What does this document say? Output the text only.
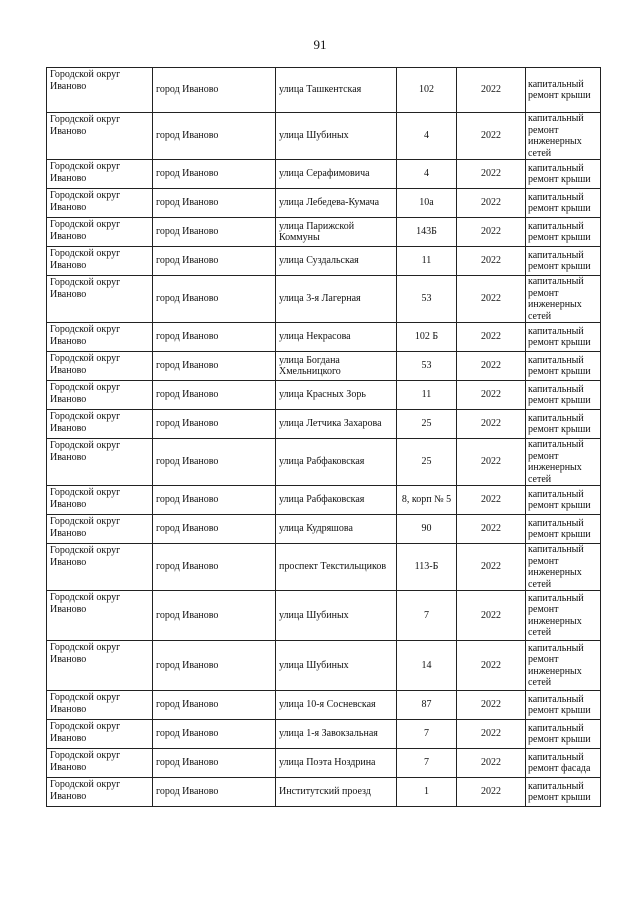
91
Городской округ Иваново	город Иваново	улица Ташкентская	102	2022	капитальный ремонт крыши
Городской округ Иваново	город Иваново	улица Шубиных	4	2022	капитальный ремонт инженерных сетей
Городской округ Иваново	город Иваново	улица Серафимовича	4	2022	капитальный ремонт крыши
Городской округ Иваново	город Иваново	улица Лебедева-Кумача	10а	2022	капитальный ремонт крыши
Городской округ Иваново	город Иваново	улица Парижской Коммуны	143Б	2022	капитальный ремонт крыши
Городской округ Иваново	город Иваново	улица Суздальская	11	2022	капитальный ремонт крыши
Городской округ Иваново	город Иваново	улица 3-я Лагерная	53	2022	капитальный ремонт инженерных сетей
Городской округ Иваново	город Иваново	улица Некрасова	102 Б	2022	капитальный ремонт крыши
Городской округ Иваново	город Иваново	улица Богдана Хмельницкого	53	2022	капитальный ремонт крыши
Городской округ Иваново	город Иваново	улица Красных Зорь	11	2022	капитальный ремонт крыши
Городской округ Иваново	город Иваново	улица Летчика Захарова	25	2022	капитальный ремонт крыши
Городской округ Иваново	город Иваново	улица Рабфаковская	25	2022	капитальный ремонт инженерных сетей
Городской округ Иваново	город Иваново	улица Рабфаковская	8, корп № 5	2022	капитальный ремонт крыши
Городской округ Иваново	город Иваново	улица Кудряшова	90	2022	капитальный ремонт крыши
Городской округ Иваново	город Иваново	проспект Текстильщиков	113-Б	2022	капитальный ремонт инженерных сетей
Городской округ Иваново	город Иваново	улица Шубиных	7	2022	капитальный ремонт инженерных сетей
Городской округ Иваново	город Иваново	улица Шубиных	14	2022	капитальный ремонт инженерных сетей
Городской округ Иваново	город Иваново	улица 10-я Сосневская	87	2022	капитальный ремонт крыши
Городской округ Иваново	город Иваново	улица 1-я Завокзальная	7	2022	капитальный ремонт крыши
Городской округ Иваново	город Иваново	улица Поэта Ноздрина	7	2022	капитальный ремонт фасада
Городской округ Иваново	город Иваново	Институтский проезд	1	2022	капитальный ремонт крыши
